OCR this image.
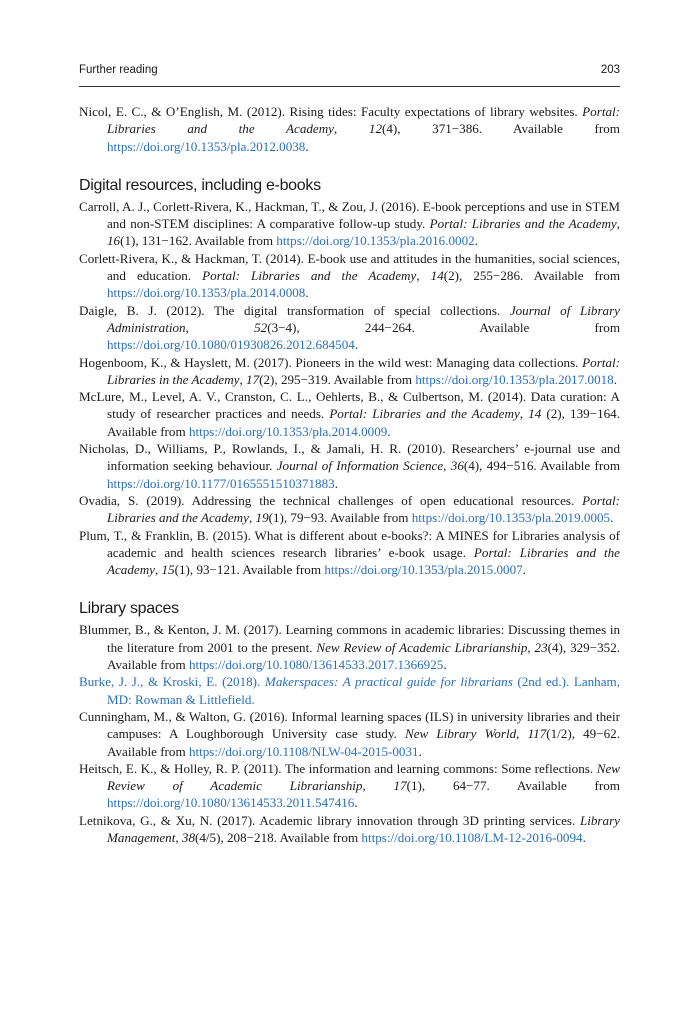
Further reading	203

Nicol, E. C., & O’English, M. (2012). Rising tides: Faculty expectations of library websites. Portal: Libraries and the Academy, 12(4), 371−386. Available from https://doi.org/10.1353/pla.2012.0038.

Digital resources, including e-books

Carroll, A. J., Corlett-Rivera, K., Hackman, T., & Zou, J. (2016). E-book perceptions and use in STEM and non-STEM disciplines: A comparative follow-up study. Portal: Libraries and the Academy, 16(1), 131−162. Available from https://doi.org/10.1353/pla.2016.0002.

Corlett-Rivera, K., & Hackman, T. (2014). E-book use and attitudes in the humanities, social sciences, and education. Portal: Libraries and the Academy, 14(2), 255−286. Available from https://doi.org/10.1353/pla.2014.0008.

Daigle, B. J. (2012). The digital transformation of special collections. Journal of Library Administration, 52(3−4), 244−264. Available from https://doi.org/10.1080/01930826.2012.684504.

Hogenboom, K., & Hayslett, M. (2017). Pioneers in the wild west: Managing data collections. Portal: Libraries in the Academy, 17(2), 295−319. Available from https://doi.org/10.1353/pla.2017.0018.

McLure, M., Level, A. V., Cranston, C. L., Oehlerts, B., & Culbertson, M. (2014). Data curation: A study of researcher practices and needs. Portal: Libraries and the Academy, 14 (2), 139−164. Available from https://doi.org/10.1353/pla.2014.0009.

Nicholas, D., Williams, P., Rowlands, I., & Jamali, H. R. (2010). Researchers’ e-journal use and information seeking behaviour. Journal of Information Science, 36(4), 494−516. Available from https://doi.org/10.1177/0165551510371883.

Ovadia, S. (2019). Addressing the technical challenges of open educational resources. Portal: Libraries and the Academy, 19(1), 79−93. Available from https://doi.org/10.1353/pla.2019.0005.

Plum, T., & Franklin, B. (2015). What is different about e-books?: A MINES for Libraries analysis of academic and health sciences research libraries’ e-book usage. Portal: Libraries and the Academy, 15(1), 93−121. Available from https://doi.org/10.1353/pla.2015.0007.

Library spaces

Blummer, B., & Kenton, J. M. (2017). Learning commons in academic libraries: Discussing themes in the literature from 2001 to the present. New Review of Academic Librarianship, 23(4), 329−352. Available from https://doi.org/10.1080/13614533.2017.1366925.

Burke, J. J., & Kroski, E. (2018). Makerspaces: A practical guide for librarians (2nd ed.). Lanham, MD: Rowman & Littlefield.

Cunningham, M., & Walton, G. (2016). Informal learning spaces (ILS) in university libraries and their campuses: A Loughborough University case study. New Library World, 117(1/2), 49−62. Available from https://doi.org/10.1108/NLW-04-2015-0031.

Heitsch, E. K., & Holley, R. P. (2011). The information and learning commons: Some reflections. New Review of Academic Librarianship, 17(1), 64−77. Available from https://doi.org/10.1080/13614533.2011.547416.

Letnikova, G., & Xu, N. (2017). Academic library innovation through 3D printing services. Library Management, 38(4/5), 208−218. Available from https://doi.org/10.1108/LM-12-2016-0094.
